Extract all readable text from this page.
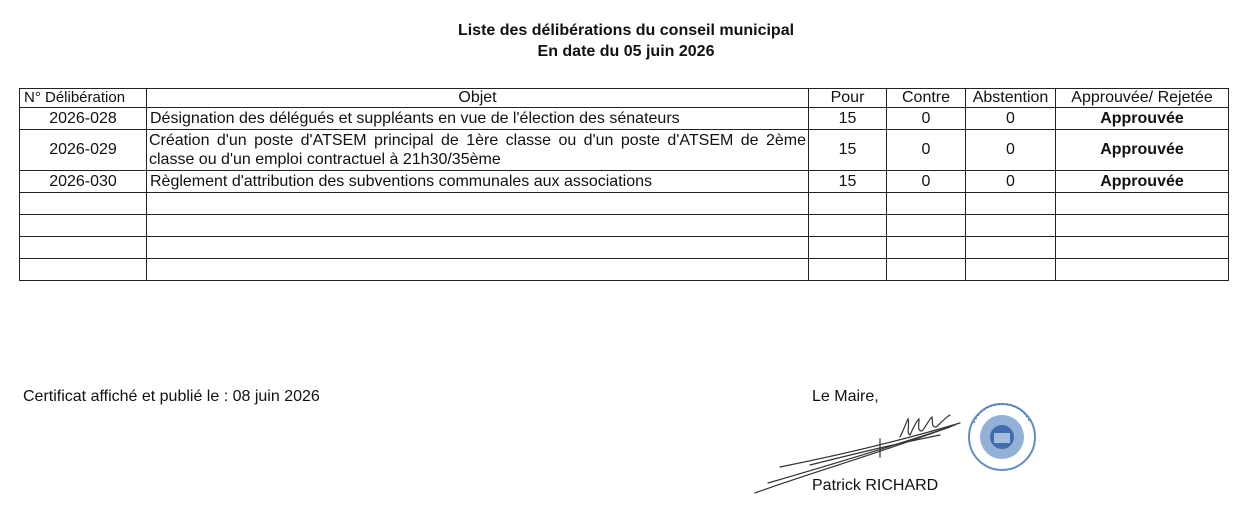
Liste des délibérations du conseil municipal
En date du 05 juin 2026
N° Délibération	Objet	Pour	Contre	Abstention	Approuvée/ Rejetée
2026-028	Désignation des délégués et suppléants en vue de l'élection des sénateurs	15	0	0	Approuvée
2026-029	Création d'un poste d'ATSEM principal de 1ère classe ou d'un poste d'ATSEM de 2ème classe ou d'un emploi contractuel à 21h30/35ème	15	0	0	Approuvée
2026-030	Règlement d'attribution des subventions communales aux associations	15	0	0	Approuvée

Certificat affiché et publié le : 08 juin 2026	Le Maire,
Patrick RICHARD
